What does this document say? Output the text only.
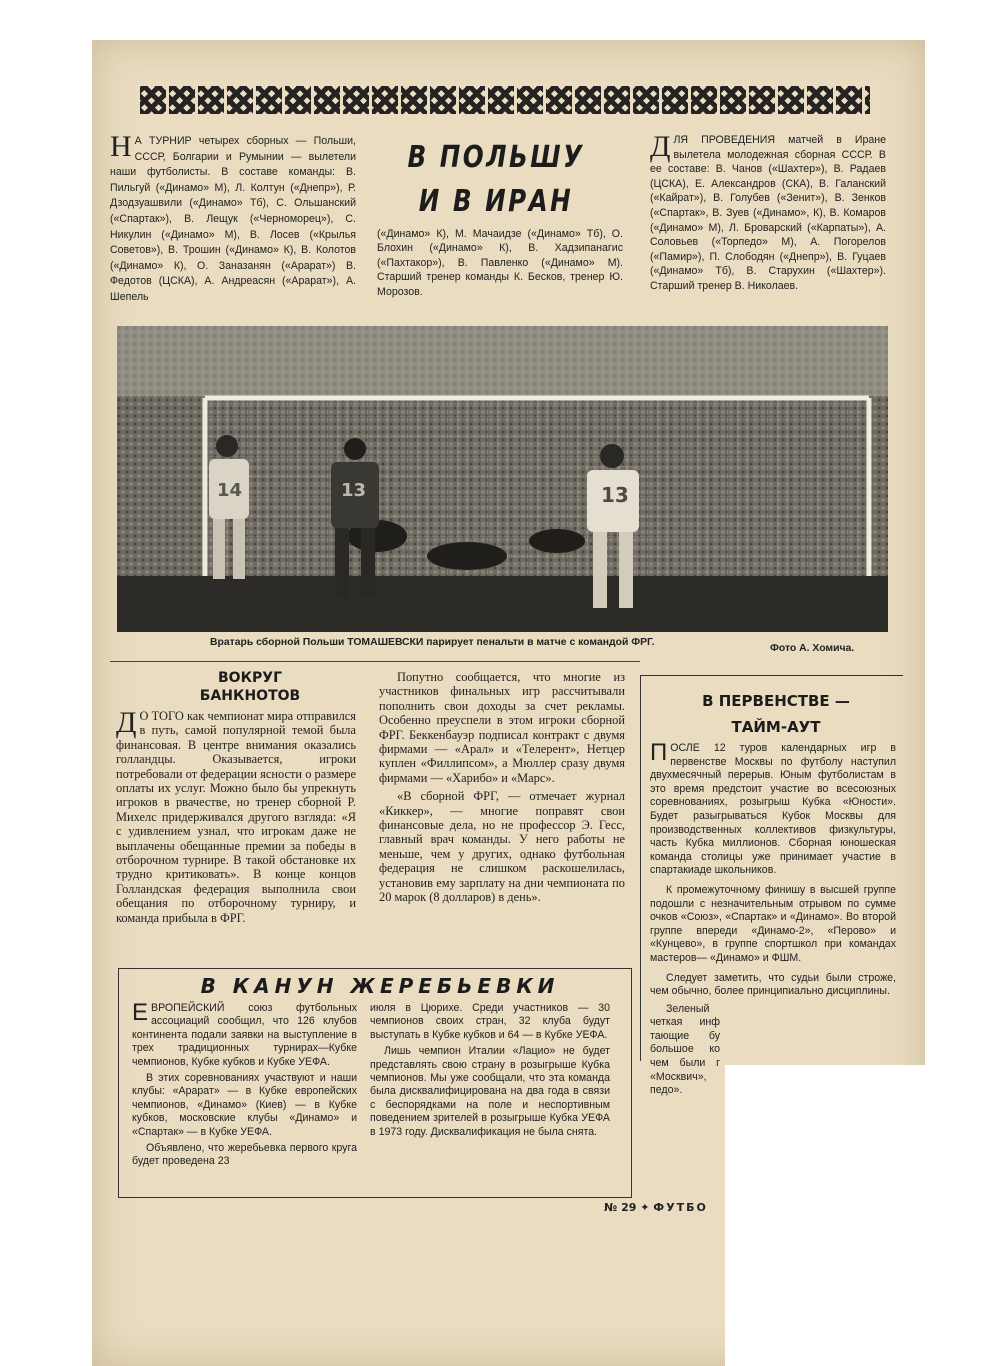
Н А ТУРНИР четырех сборных — Польши, СССР, Болгарии и Румынии — вылетели наши футболисты. В составе команды: В. Пильгуй («Динамо» М), Л. Колтун («Днепр»), Р. Дзодзуашвили («Динамо» Тб), С. Ольшанский («Спартак»), В. Лещук («Черноморец»), С. Никулин («Динамо» М), В. Лосев («Крылья Советов»), В. Трошин («Динамо» К), В. Колотов («Динамо» К), О. Заназанян («Арарат») В. Федотов (ЦСКА), А. Андреасян («Арарат»), А. Шепель
В ПОЛЬШУ
И В ИРАН
(«Динамо» К), М. Мачаидзе («Динамо» Тб), О. Блохин («Динамо» К), В. Хадзипанагис («Пахтакор»), В. Павленко («Динамо» М). Старший тренер команды К. Бесков, тренер Ю. Морозов.
ДЛЯ ПРОВЕДЕНИЯ матчей в Иране вылетела молодежная сборная СССР. В ее составе: В. Чанов («Шахтер»), В. Радаев (ЦСКА), Е. Александров (СКА), В. Галанский («Кайрат»), В. Голубев («Зенит»), В. Зенков («Спартак», В. Зуев («Динамо», К), В. Комаров («Динамо» М), Л. Броварский («Карпаты»), А. Соловьев («Торпедо» М), А. Погорелов («Памир»), П. Слободян («Днепр»), В. Гуцаев («Динамо» Тб), В. Старухин («Шахтер»). Старший тренер В. Николаев.
14	13	13
Вратарь сборной Польши ТОМАШЕВСКИ парирует пенальти в матче с командой ФРГ.
Фото А. Хомича.
ВОКРУГ
БАНКНОТОВ
Д О ТОГО как чемпионат мира отправился в путь, самой популярной темой была финансовая. В центре внимания оказались голландцы. Оказывается, игроки потребовали от федерации ясности о размере оплаты их услуг. Можно было бы упрекнуть игроков в рвачестве, но тренер сборной Р. Михелс придерживался другого взгляда: «Я с удивлением узнал, что игрокам даже не выплачены обещанные премии за победы в отборочном турнире. В такой обстановке их трудно критиковать». В конце концов Голландская федерация выполнила свои обещания по отборочному турниру, и команда прибыла в ФРГ.

Попутно сообщается, что многие из участников финальных игр рассчитывали пополнить свои доходы за счет рекламы. Особенно преуспели в этом игроки сборной ФРГ. Беккенбауэр подписал контракт с двумя фирмами — «Арал» и «Телерент», Нетцер куплен «Филлипсом», а Мюллер сразу двумя фирмами — «Харибо» и «Марс».

«В сборной ФРГ, — отмечает журнал «Киккер», — многие поправят свои финансовые дела, но не профессор Э. Гесс, главный врач команды. У него работы не меньше, чем у других, однако футбольная федерация не слишком раскошелилась, установив ему зарплату на дни чемпионата по 20 марок (8 долларов) в день».

В ПЕРВЕНСТВЕ —
ТАЙМ-АУТ
ПОСЛЕ 12 туров календарных игр в первенстве Москвы по футболу наступил двухмесячный перерыв. Юным футболистам в это время предстоит участие во всесоюзных соревнованиях, розыгрыш Кубка «Юности». Будет разыгрываться Кубок Москвы для производственных коллективов физкультуры, часть Кубка миллионов. Сборная юношеская команда столицы уже принимает участие в спартакиаде школьников.

К промежуточному финишу в высшей группе подошли с незначительным отрывом по сумме очков «Союз», «Спартак» и «Динамо». Во второй группе впереди «Динамо-2», «Перово» и «Кунцево», в группе спортшкол при командах мастеров— «Динамо» и ФШМ.

Следует заметить, что судьи были строже, чем обычно, более принципиально дисциплины.

Зеленый четкая инф тающие бу большое ко чем были г «Москвич», педо».

В КАНУН ЖЕРЕБЬЕВКИ
ЕВРОПЕЙСКИЙ союз футбольных ассоциаций сообщил, что 126 клубов континента подали заявки на выступление в трех традиционных турнирах—Кубке чемпионов, Кубке кубков и Кубке УЕФА.

В этих соревнованиях участвуют и наши клубы: «Арарат» — в Кубке европейских чемпионов, «Динамо» (Киев) — в Кубке кубков, московские клубы «Динамо» и «Спартак» — в Кубке УЕФА.

Объявлено, что жеребьевка первого круга будет проведена 23

июля в Цюрихе. Среди участников — 30 чемпионов своих стран, 32 клуба будут выступать в Кубке кубков и 64 — в Кубке УЕФА.

Лишь чемпион Италии «Лацио» не будет представлять свою страну в розыгрыше Кубка чемпионов. Мы уже сообщали, что эта команда была дисквалифицирована на два года в связи с беспорядками на поле и неспортивным поведением зрителей в розыгрыше Кубка УЕФА в 1973 году. Дисквалификация не была снята.

№ 29 ✦ ФУТБО
